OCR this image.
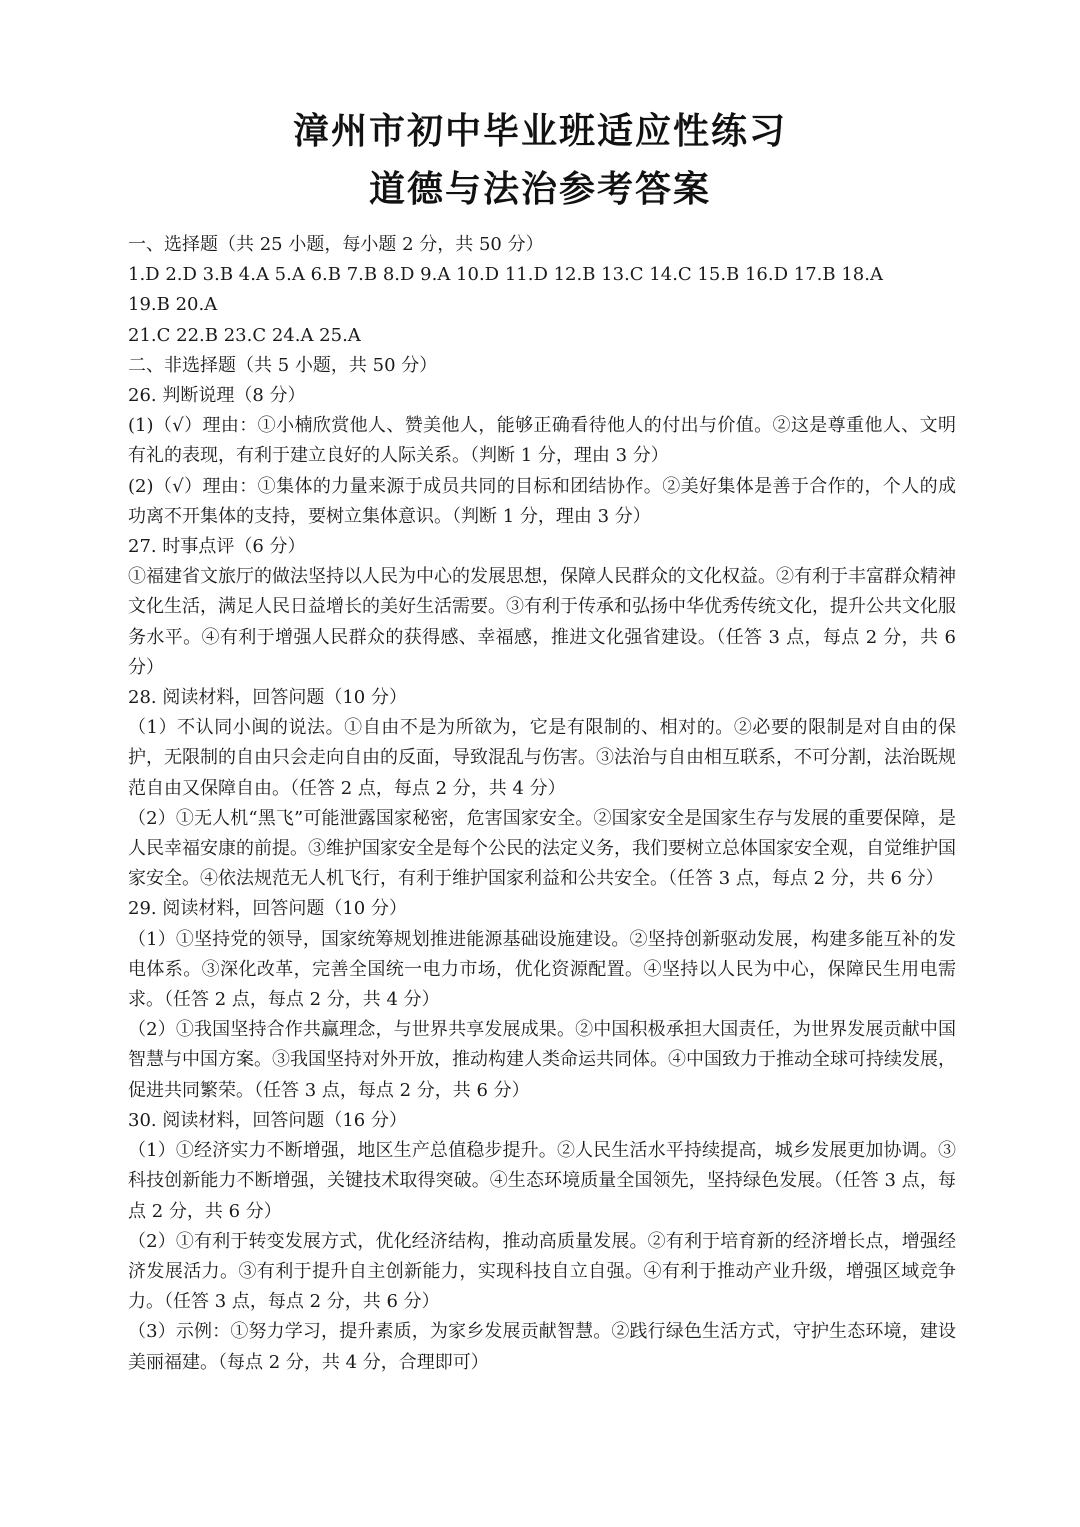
漳州市初中毕业班适应性练习
道德与法治参考答案
一、选择题（共 25 小题，每小题 2 分，共 50 分）
1.D 2.D 3.B 4.A 5.A 6.B 7.B 8.D 9.A 10.D 11.D 12.B 13.C 14.C 15.B 16.D 17.B 18.A
19.B 20.A
21.C 22.B 23.C 24.A 25.A
二、非选择题（共 5 小题，共 50 分）
26. 判断说理（8 分）
(1)（√）理由：①小楠欣赏他人、赞美他人，能够正确看待他人的付出与价值。②这是尊重他人、文明有礼的表现，有利于建立良好的人际关系。（判断 1 分，理由 3 分）
(2)（√）理由：①集体的力量来源于成员共同的目标和团结协作。②美好集体是善于合作的，个人的成功离不开集体的支持，要树立集体意识。（判断 1 分，理由 3 分）
27. 时事点评（6 分）
①福建省文旅厅的做法坚持以人民为中心的发展思想，保障人民群众的文化权益。②有利于丰富群众精神文化生活，满足人民日益增长的美好生活需要。③有利于传承和弘扬中华优秀传统文化，提升公共文化服务水平。④有利于增强人民群众的获得感、幸福感，推进文化强省建设。（任答 3 点，每点 2 分，共 6 分）
28. 阅读材料，回答问题（10 分）
（1）不认同小闽的说法。①自由不是为所欲为，它是有限制的、相对的。②必要的限制是对自由的保护，无限制的自由只会走向自由的反面，导致混乱与伤害。③法治与自由相互联系，不可分割，法治既规范自由又保障自由。（任答 2 点，每点 2 分，共 4 分）
（2）①无人机“黑飞”可能泄露国家秘密，危害国家安全。②国家安全是国家生存与发展的重要保障，是人民幸福安康的前提。③维护国家安全是每个公民的法定义务，我们要树立总体国家安全观，自觉维护国家安全。④依法规范无人机飞行，有利于维护国家利益和公共安全。（任答 3 点，每点 2 分，共 6 分）
29. 阅读材料，回答问题（10 分）
（1）①坚持党的领导，国家统筹规划推进能源基础设施建设。②坚持创新驱动发展，构建多能互补的发电体系。③深化改革，完善全国统一电力市场，优化资源配置。④坚持以人民为中心，保障民生用电需求。（任答 2 点，每点 2 分，共 4 分）
（2）①我国坚持合作共赢理念，与世界共享发展成果。②中国积极承担大国责任，为世界发展贡献中国智慧与中国方案。③我国坚持对外开放，推动构建人类命运共同体。④中国致力于推动全球可持续发展，促进共同繁荣。（任答 3 点，每点 2 分，共 6 分）
30. 阅读材料，回答问题（16 分）
（1）①经济实力不断增强，地区生产总值稳步提升。②人民生活水平持续提高，城乡发展更加协调。③科技创新能力不断增强，关键技术取得突破。④生态环境质量全国领先，坚持绿色发展。（任答 3 点，每点 2 分，共 6 分）
（2）①有利于转变发展方式，优化经济结构，推动高质量发展。②有利于培育新的经济增长点，增强经济发展活力。③有利于提升自主创新能力，实现科技自立自强。④有利于推动产业升级，增强区域竞争力。（任答 3 点，每点 2 分，共 6 分）
（3）示例：①努力学习，提升素质，为家乡发展贡献智慧。②践行绿色生活方式，守护生态环境，建设美丽福建。（每点 2 分，共 4 分，合理即可）
